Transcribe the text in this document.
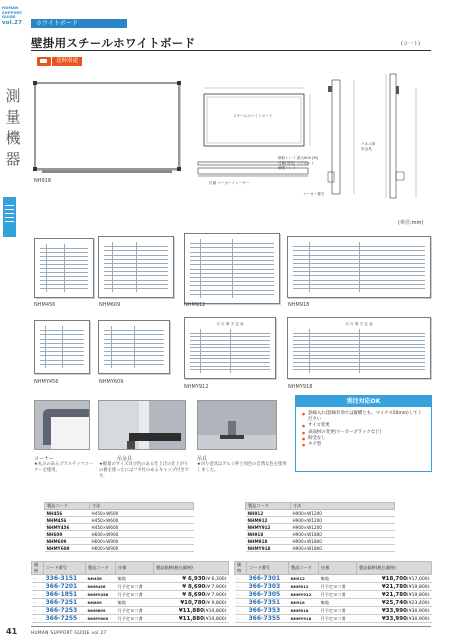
HUMAN
SUPPORT
GUIDE
vol.27
測
量
機
器
ホワイトボード
壁掛用スチールホワイトボード	(コ一ト)
送料別途
NH918
スチールホワイトボード
横貼トレイ 最大600 [M]
付属(別売) マグネット
溝型トレイ
付属 マーカーイレーサー
マーカー置き
パネル厚
吊金具
(単位:mm)
NHM456	NHM609	NHM912	NHM918
NHMY456	NHMY609
月 行 事 予 定 表
NHMY912
月 行 事 予 定 表
NHMY918
コーナー
★丸みのあるプラスチックコーナーを使用。
吊金具
★軽量のサイズ及び色のある仕上げの仕上がりの板を使ったにはフタ付のあるキャップ付きです。
吊具
★吊り金具はアルミ枠と同色の自然な色を使用しました。
別注対応OK
● 罫線入れ(罫線有効では縦横とも、マイナス50mm)してください
● サイズ変更
● 表面材の変更(マーカーブラックなど)
● 粉受なし
● タテ型
製品コード	寸法
NH456	H450×W600
NHM456	H450×W600
NHMY456	H450×W600
NH609	H600×W900
NHM609	H600×W900
NHMY609	H600×W900
製品コード	寸法
NH912	H900×W1200
NHM912	H900×W1200
NHMY912	H900×W1200
NH918	H900×W1800
NHM918	H900×W1800
NHMY918	H900×W1800
価格	コード番号	製品コード	仕様	製品価格(税込価格)
–	336-3151	NH456	無地	¥ 6,930(¥ 6,300)
–	366-7201	NHM456	月予定ヨコ書	¥ 8,690(¥ 7,900)
–	366-1851	NHMY456	月予定ヨコ書	¥ 8,690(¥ 7,900)
–	366-7251	NH609	無地	¥10,780(¥ 9,800)
–	366-7253	NHM609	月予定ヨコ書	¥11,880(¥10,800)
–	366-7255	NHMY609	月予定ヨコ書	¥11,880(¥10,800)
価格	コード番号	製品コード	仕様	製品価格(税込価格)
–	366-7301	NH912	無地	¥18,700(¥17,000)
–	366-7303	NHM912	月予定ヨコ書	¥21,780(¥19,800)
–	366-7305	NHMY912	月予定ヨコ書	¥21,780(¥19,800)
–	366-7351	NH918	無地	¥25,740(¥23,400)
–	366-7353	NHM918	月予定ヨコ書	¥33,990(¥30,900)
–	366-7355	NHMY918	月予定ヨコ書	¥33,990(¥30,900)
41	HUMAN SUPPORT GUIDE vol.27
